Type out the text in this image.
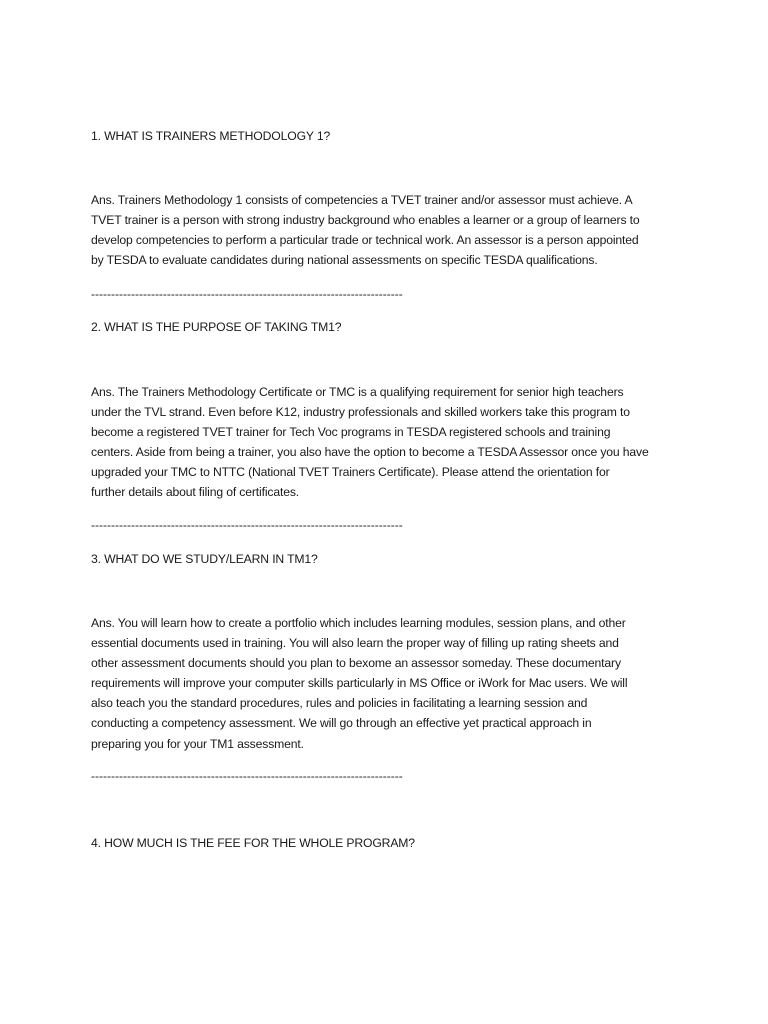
1. WHAT IS TRAINERS METHODOLOGY 1?

Ans. Trainers Methodology 1 consists of competencies a TVET trainer and/or assessor must achieve. A

TVET trainer is a person with strong industry background who enables a learner or a group of learners to

develop competencies to perform a particular trade or technical work. An assessor is a person appointed

by TESDA to evaluate candidates during national assessments on specific TESDA qualifications.

------------------------------------------------------------------------------

2. WHAT IS THE PURPOSE OF TAKING TM1?

Ans. The Trainers Methodology Certificate or TMC is a qualifying requirement for senior high teachers

under the TVL strand. Even before K12, industry professionals and skilled workers take this program to

become a registered TVET trainer for Tech Voc programs in TESDA registered schools and training

centers. Aside from being a trainer, you also have the option to become a TESDA Assessor once you have

upgraded your TMC to NTTC (National TVET Trainers Certificate). Please attend the orientation for

further details about filing of certificates.

------------------------------------------------------------------------------

3. WHAT DO WE STUDY/LEARN IN TM1?

Ans. You will learn how to create a portfolio which includes learning modules, session plans, and other

essential documents used in training. You will also learn the proper way of filling up rating sheets and

other assessment documents should you plan to bexome an assessor someday. These documentary

requirements will improve your computer skills particularly in MS Office or iWork for Mac users. We will

also teach you the standard procedures, rules and policies in facilitating a learning session and

conducting a competency assessment. We will go through an effective yet practical approach in

preparing you for your TM1 assessment.

------------------------------------------------------------------------------

4. HOW MUCH IS THE FEE FOR THE WHOLE PROGRAM?
